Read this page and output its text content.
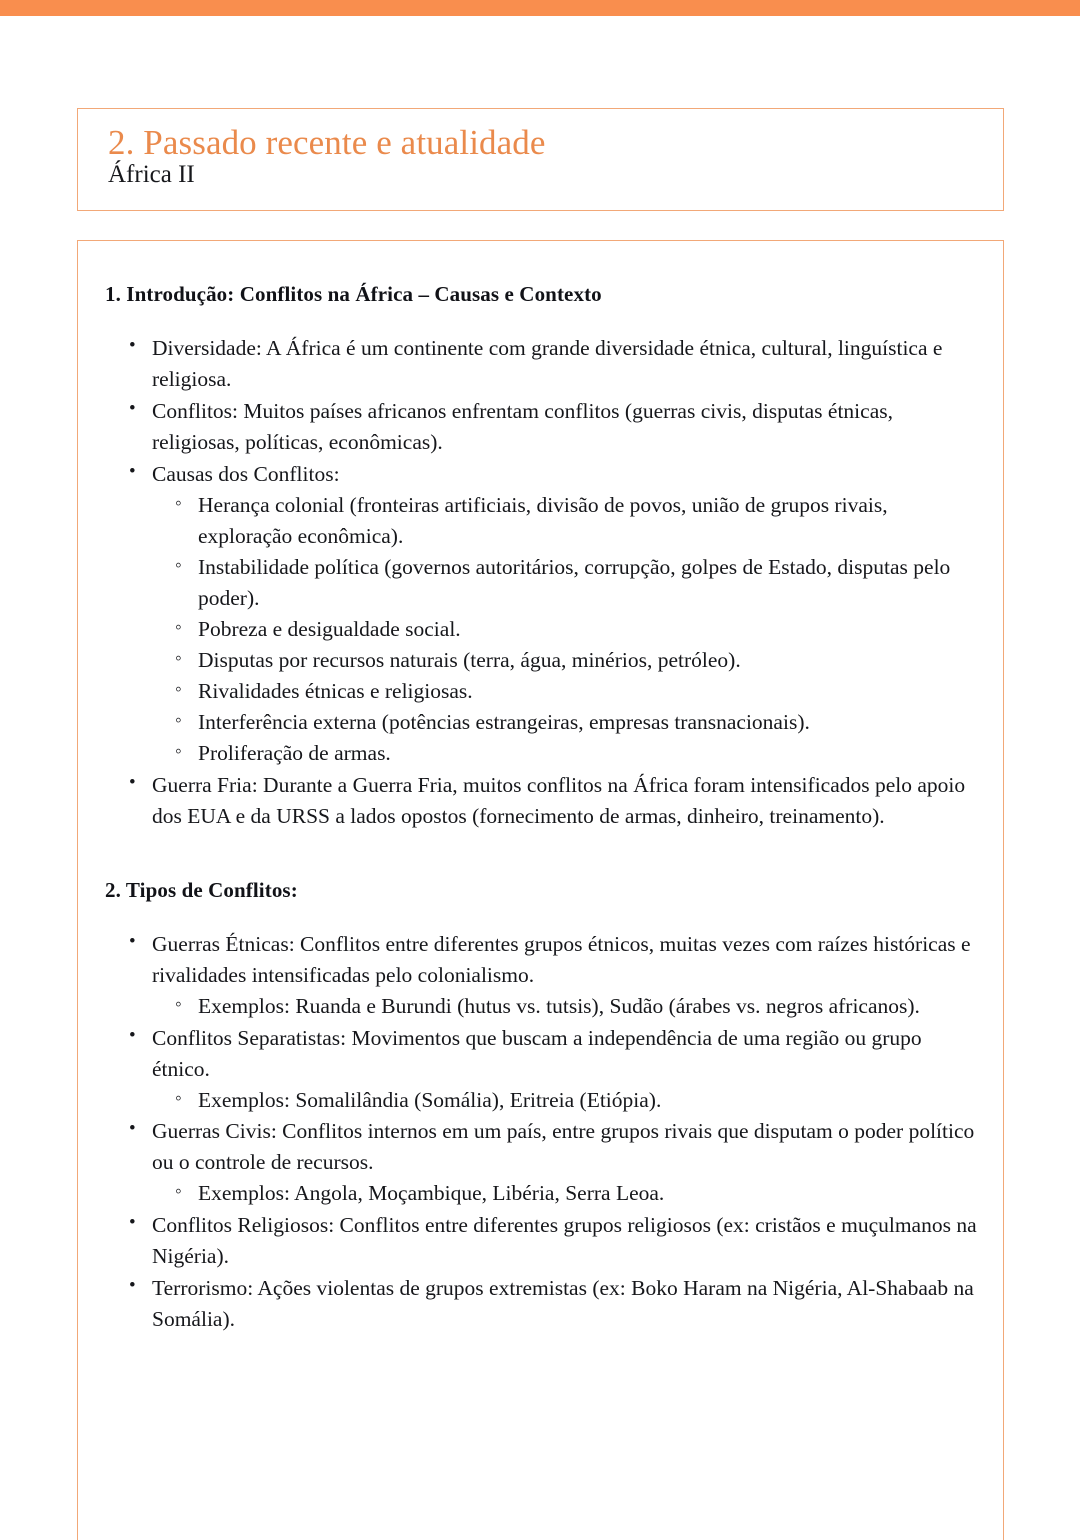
2. Passado recente e atualidade
África II
1. Introdução: Conflitos na África – Causas e Contexto
• Diversidade: A África é um continente com grande diversidade étnica, cultural, linguística e religiosa.
• Conflitos: Muitos países africanos enfrentam conflitos (guerras civis, disputas étnicas, religiosas, políticas, econômicas).
• Causas dos Conflitos:
◦ Herança colonial (fronteiras artificiais, divisão de povos, união de grupos rivais, exploração econômica).
◦ Instabilidade política (governos autoritários, corrupção, golpes de Estado, disputas pelo poder).
◦ Pobreza e desigualdade social.
◦ Disputas por recursos naturais (terra, água, minérios, petróleo).
◦ Rivalidades étnicas e religiosas.
◦ Interferência externa (potências estrangeiras, empresas transnacionais).
◦ Proliferação de armas.
• Guerra Fria: Durante a Guerra Fria, muitos conflitos na África foram intensificados pelo apoio dos EUA e da URSS a lados opostos (fornecimento de armas, dinheiro, treinamento).
2. Tipos de Conflitos:
• Guerras Étnicas: Conflitos entre diferentes grupos étnicos, muitas vezes com raízes históricas e rivalidades intensificadas pelo colonialismo.
◦ Exemplos: Ruanda e Burundi (hutus vs. tutsis), Sudão (árabes vs. negros africanos).
• Conflitos Separatistas: Movimentos que buscam a independência de uma região ou grupo étnico.
◦ Exemplos: Somalilândia (Somália), Eritreia (Etiópia).
• Guerras Civis: Conflitos internos em um país, entre grupos rivais que disputam o poder político ou o controle de recursos.
◦ Exemplos: Angola, Moçambique, Libéria, Serra Leoa.
• Conflitos Religiosos: Conflitos entre diferentes grupos religiosos (ex: cristãos e muçulmanos na Nigéria).
• Terrorismo: Ações violentas de grupos extremistas (ex: Boko Haram na Nigéria, Al-Shabaab na Somália).
